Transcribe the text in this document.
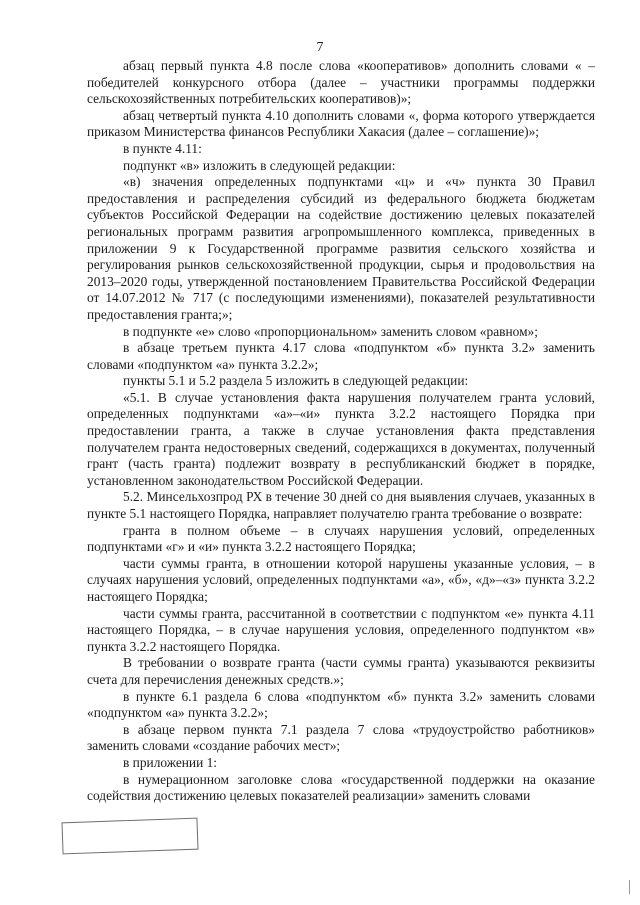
7

абзац первый пункта 4.8 после слова «кооперативов» дополнить словами « – победителей конкурсного отбора (далее – участники программы поддержки сельскохозяйственных потребительских кооперативов)»;

абзац четвертый пункта 4.10 дополнить словами «, форма которого утверждается приказом Министерства финансов Республики Хакасия (далее – соглашение)»;

в пункте 4.11:

подпункт «в» изложить в следующей редакции:

«в) значения определенных подпунктами «ц» и «ч» пункта 30 Правил предоставления и распределения субсидий из федерального бюджета бюджетам субъектов Российской Федерации на содействие достижению целевых показателей региональных программ развития агропромышленного комплекса, приведенных в приложении 9 к Государственной программе развития сельского хозяйства и регулирования рынков сельскохозяйственной продукции, сырья и продовольствия на 2013–2020 годы, утвержденной постановлением Правительства Российской Федерации от 14.07.2012 № 717 (с последующими изменениями), показателей результативности предоставления гранта;»;

в подпункте «е» слово «пропорциональном» заменить словом «равном»;

в абзаце третьем пункта 4.17 слова «подпунктом «б» пункта 3.2» заменить словами «подпунктом «а» пункта 3.2.2»;

пункты 5.1 и 5.2 раздела 5 изложить в следующей редакции:

«5.1. В случае установления факта нарушения получателем гранта условий, определенных подпунктами «а»–«и» пункта 3.2.2 настоящего Порядка при предоставлении гранта, а также в случае установления факта представления получателем гранта недостоверных сведений, содержащихся в документах, полученный грант (часть гранта) подлежит возврату в республиканский бюджет в порядке, установленном законодательством Российской Федерации.

5.2. Минсельхозпрод РХ в течение 30 дней со дня выявления случаев, указанных в пункте 5.1 настоящего Порядка, направляет получателю гранта требование о возврате:

гранта в полном объеме – в случаях нарушения условий, определенных подпунктами «г» и «и» пункта 3.2.2 настоящего Порядка;

части суммы гранта, в отношении которой нарушены указанные условия, – в случаях нарушения условий, определенных подпунктами «а», «б», «д»–«з» пункта 3.2.2 настоящего Порядка;

части суммы гранта, рассчитанной в соответствии с подпунктом «е» пункта 4.11 настоящего Порядка, – в случае нарушения условия, определенного подпунктом «в» пункта 3.2.2 настоящего Порядка.

В требовании о возврате гранта (части суммы гранта) указываются реквизиты счета для перечисления денежных средств.»;

в пункте 6.1 раздела 6 слова «подпунктом «б» пункта 3.2» заменить словами «подпунктом «а» пункта 3.2.2»;

в абзаце первом пункта 7.1 раздела 7 слова «трудоустройство работников» заменить словами «создание рабочих мест»;

в приложении 1:

в нумерационном заголовке слова «государственной поддержки на оказание содействия достижению целевых показателей реализации» заменить словами
